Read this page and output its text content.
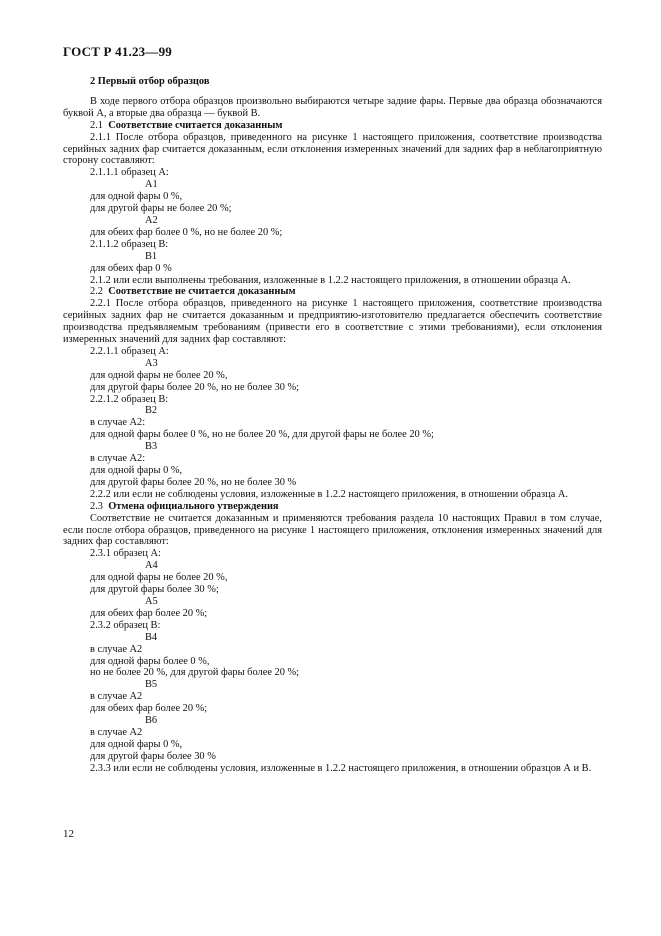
ГОСТ Р 41.23—99
2 Первый отбор образцов
В ходе первого отбора образцов произвольно выбираются четыре задние фары. Первые два образца обозначаются буквой А, а вторые два образца — буквой В.
2.1 Соответствие считается доказанным
2.1.1 После отбора образцов, приведенного на рисунке 1 настоящего приложения, соответствие производства серийных задних фар считается доказанным, если отклонения измеренных значений для задних фар в неблагоприятную сторону составляют:
2.1.1.1 образец А:
A1
для одной фары 0 %,
для другой фары не более 20 %;
A2
для обеих фар более 0 %, но не более 20 %;
2.1.1.2 образец В:
B1
для обеих фар 0 %
2.1.2 или если выполнены требования, изложенные в 1.2.2 настоящего приложения, в отношении образца А.
2.2 Соответствие не считается доказанным
2.2.1 После отбора образцов, приведенного на рисунке 1 настоящего приложения, соответствие производства серийных задних фар не считается доказанным и предприятию-изготовителю предлагается обеспечить соответствие производства предъявляемым требованиям (привести его в соответствие с этими требованиями), если отклонения измеренных значений для задних фар составляют:
2.2.1.1 образец А:
A3
для одной фары не более 20 %,
для другой фары более 20 %, но не более 30 %;
2.2.1.2 образец В:
B2
в случае A2:
для одной фары более 0 %, но не более 20 %, для другой фары не более 20 %;
B3
в случае A2:
для одной фары 0 %,
для другой фары более 20 %, но не более 30 %
2.2.2 или если не соблюдены условия, изложенные в 1.2.2 настоящего приложения, в отношении образца А.
2.3 Отмена официального утверждения
Соответствие не считается доказанным и применяются требования раздела 10 настоящих Правил в том случае, если после отбора образцов, приведенного на рисунке 1 настоящего приложения, отклонения измеренных значений для задних фар составляют:
2.3.1 образец А:
A4
для одной фары не более 20 %,
для другой фары более 30 %;
A5
для обеих фар более 20 %;
2.3.2 образец В:
B4
в случае A2
для одной фары более 0 %,
но не более 20 %, для другой фары более 20 %;
B5
в случае A2
для обеих фар более 20 %;
B6
в случае A2
для одной фары 0 %,
для другой фары более 30 %
2.3.3 или если не соблюдены условия, изложенные в 1.2.2 настоящего приложения, в отношении образцов А и В.
12
